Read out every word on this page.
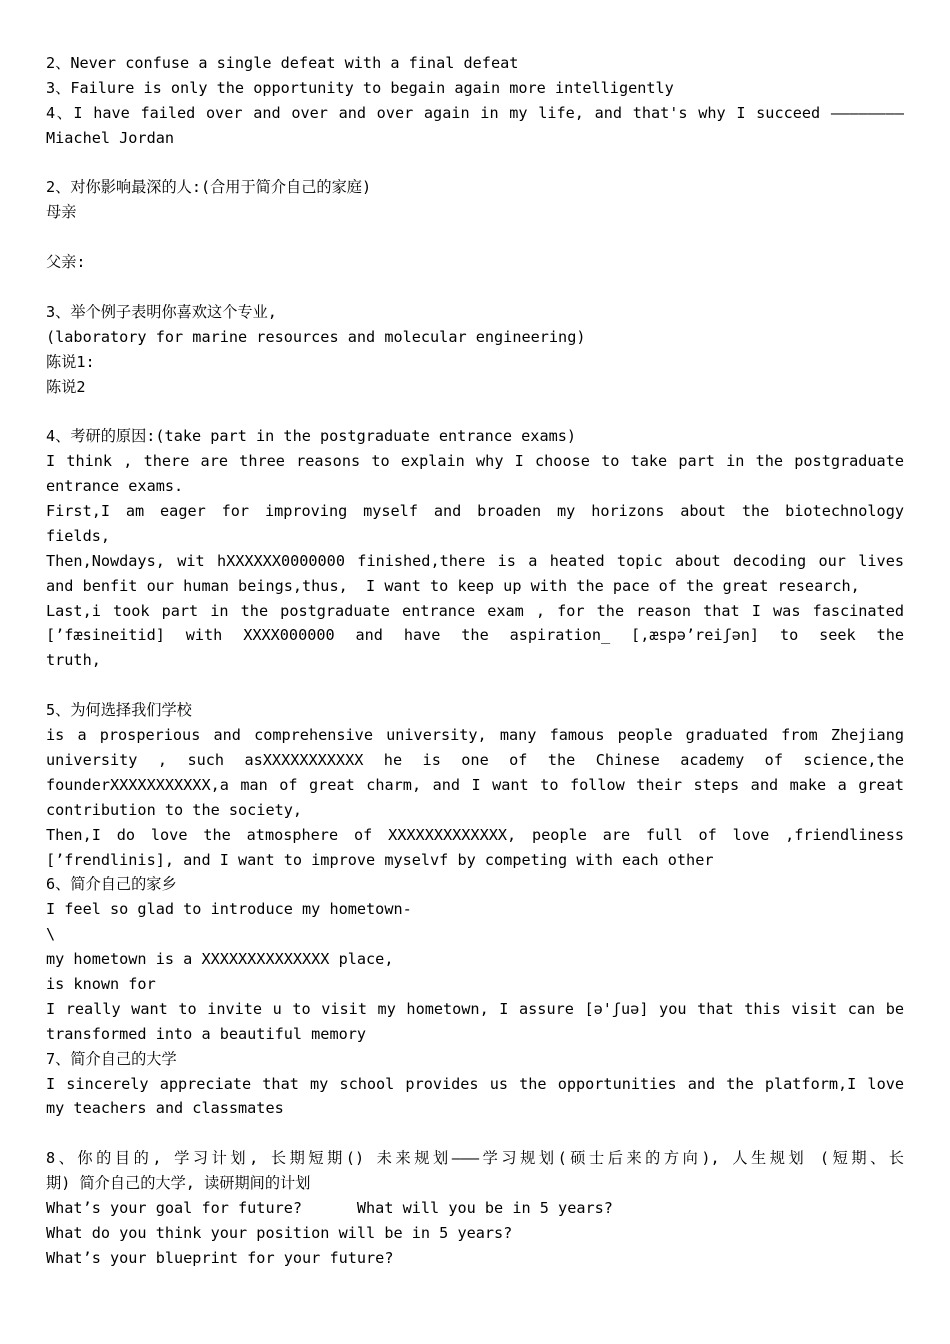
2、Never confuse a single defeat with a final defeat
3、Failure is only the opportunity to begain again more intelligently
4、I have failed over and over and over again in my life, and that's why I succeed ————————
Miachel Jordan
2、对你影响最深的人:(合用于简介自己的家庭)
母亲
父亲:
3、举个例子表明你喜欢这个专业,
(laboratory for marine resources and molecular engineering)
陈说1:
陈说2
4、考研的原因:(take part in the postgraduate entrance exams)
I think , there are three reasons to explain why I choose to take part in the postgraduate
entrance exams.
First,I am eager for improving myself and broaden my horizons about the biotechnology
fields,
Then,Nowdays, wit hXXXXXX0000000 finished,there is a heated topic about decoding our lives
and benfit our human beings,thus,  I want to keep up with the pace of the great research,
Last,i took part in the postgraduate entrance exam , for the reason that I was fascinated
[’fæsineitid] with XXXX000000 and have the aspiration_ [,æspə’reiʃən] to seek the
truth,
5、为何选择我们学校
is a prosperious and comprehensive university, many famous people graduated from Zhejiang
university , such asXXXXXXXXXXX he is one of the Chinese academy of science,the
founderXXXXXXXXXXX,a man of great charm, and I want to follow their steps and make a great
contribution to the society,
Then,I do love the atmosphere of XXXXXXXXXXXXX, people are full of love ,friendliness
[’frendlinis], and I want to improve myselvf by competing with each other
6、简介自己的家乡
I feel so glad to introduce my hometown-
\
my hometown is a XXXXXXXXXXXXXX place,
is known for
I really want to invite u to visit my hometown, I assure [ə'ʃuə] you that this visit can be
transformed into a beautiful memory
7、简介自己的大学
I sincerely appreciate that my school provides us the opportunities and the platform,I love
my teachers and classmates
8、你的目的, 学习计划, 长期短期() 未来规划———学习规划(硕士后来的方向), 人生规划 (短期、长
期) 简介自己的大学, 读研期间的计划
What’s your goal for future?      What will you be in 5 years?
What do you think your position will be in 5 years?
What’s your blueprint for your future?
